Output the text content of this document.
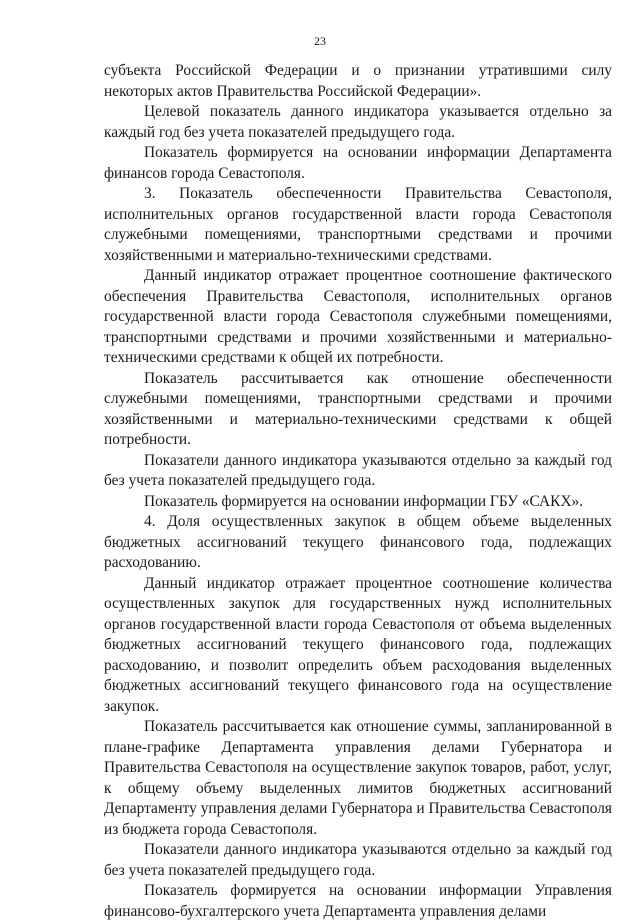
23

субъекта Российской Федерации и о признании утратившими силу некоторых актов Правительства Российской Федерации».

Целевой показатель данного индикатора указывается отдельно за каждый год без учета показателей предыдущего года.

Показатель формируется на основании информации Департамента финансов города Севастополя.

3. Показатель обеспеченности Правительства Севастополя, исполнительных органов государственной власти города Севастополя служебными помещениями, транспортными средствами и прочими хозяйственными и материально-техническими средствами.

Данный индикатор отражает процентное соотношение фактического обеспечения Правительства Севастополя, исполнительных органов государственной власти города Севастополя служебными помещениями, транспортными средствами и прочими хозяйственными и материально-техническими средствами к общей их потребности.

Показатель рассчитывается как отношение обеспеченности служебными помещениями, транспортными средствами и прочими хозяйственными и материально-техническими средствами к общей потребности.

Показатели данного индикатора указываются отдельно за каждый год без учета показателей предыдущего года.

Показатель формируется на основании информации ГБУ «САКХ».

4. Доля осуществленных закупок в общем объеме выделенных бюджетных ассигнований текущего финансового года, подлежащих расходованию.

Данный индикатор отражает процентное соотношение количества осуществленных закупок для государственных нужд исполнительных органов государственной власти города Севастополя от объема выделенных бюджетных ассигнований текущего финансового года, подлежащих расходованию, и позволит определить объем расходования выделенных бюджетных ассигнований текущего финансового года на осуществление закупок.

Показатель рассчитывается как отношение суммы, запланированной в плане-графике Департамента управления делами Губернатора и Правительства Севастополя на осуществление закупок товаров, работ, услуг, к общему объему выделенных лимитов бюджетных ассигнований Департаменту управления делами Губернатора и Правительства Севастополя из бюджета города Севастополя.

Показатели данного индикатора указываются отдельно за каждый год без учета показателей предыдущего года.

Показатель формируется на основании информации Управления финансово-бухгалтерского учета Департамента управления делами
